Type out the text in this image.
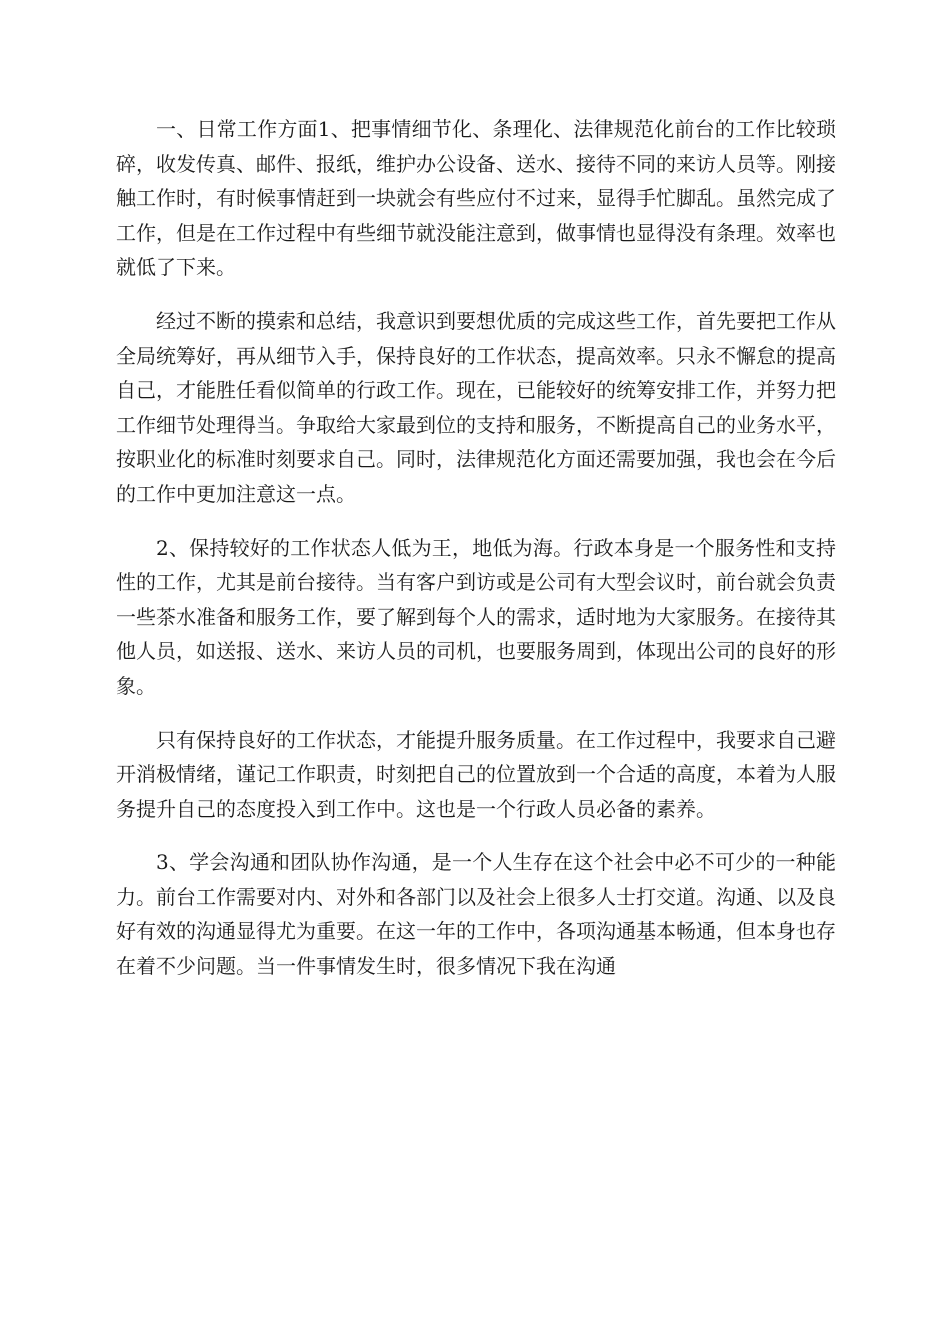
一、日常工作方面1、把事情细节化、条理化、法律规范化前台的工作比较琐碎，收发传真、邮件、报纸，维护办公设备、送水、接待不同的来访人员等。刚接触工作时，有时候事情赶到一块就会有些应付不过来，显得手忙脚乱。虽然完成了工作，但是在工作过程中有些细节就没能注意到，做事情也显得没有条理。效率也就低了下来。

经过不断的摸索和总结，我意识到要想优质的完成这些工作，首先要把工作从全局统筹好，再从细节入手，保持良好的工作状态，提高效率。只永不懈怠的提高自己，才能胜任看似简单的行政工作。现在，已能较好的统筹安排工作，并努力把工作细节处理得当。争取给大家最到位的支持和服务，不断提高自己的业务水平，按职业化的标准时刻要求自己。同时，法律规范化方面还需要加强，我也会在今后的工作中更加注意这一点。

2、保持较好的工作状态人低为王，地低为海。行政本身是一个服务性和支持性的工作，尤其是前台接待。当有客户到访或是公司有大型会议时，前台就会负责一些茶水准备和服务工作，要了解到每个人的需求，适时地为大家服务。在接待其他人员，如送报、送水、来访人员的司机，也要服务周到，体现出公司的良好的形象。

只有保持良好的工作状态，才能提升服务质量。在工作过程中，我要求自己避开消极情绪，谨记工作职责，时刻把自己的位置放到一个合适的高度，本着为人服务提升自己的态度投入到工作中。这也是一个行政人员必备的素养。

3、学会沟通和团队协作沟通，是一个人生存在这个社会中必不可少的一种能力。前台工作需要对内、对外和各部门以及社会上很多人士打交道。沟通、以及良好有效的沟通显得尤为重要。在这一年的工作中，各项沟通基本畅通，但本身也存在着不少问题。当一件事情发生时，很多情况下我在沟通
